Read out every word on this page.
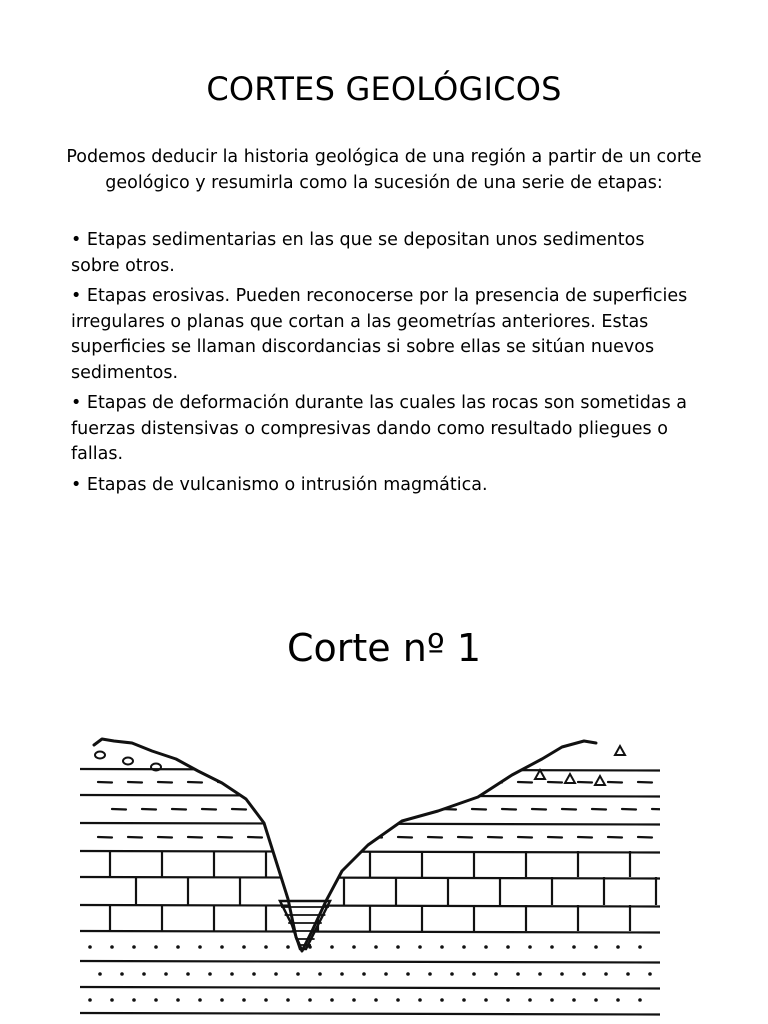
CORTES GEOLÓGICOS

Podemos deducir la historia geológica de una región a partir de un corte geológico y resumirla como la sucesión de una serie de etapas:

• Etapas sedimentarias en las que se depositan unos sedimentos sobre otros.
• Etapas erosivas. Pueden reconocerse por la presencia de superficies irregulares o planas que cortan a las geometrías anteriores. Estas superficies se llaman discordancias si sobre ellas se sitúan nuevos sedimentos.
• Etapas de deformación durante las cuales las rocas son sometidas a fuerzas distensivas o compresivas dando como resultado pliegues o fallas.
• Etapas de vulcanismo o intrusión magmática.
Corte nº 1
